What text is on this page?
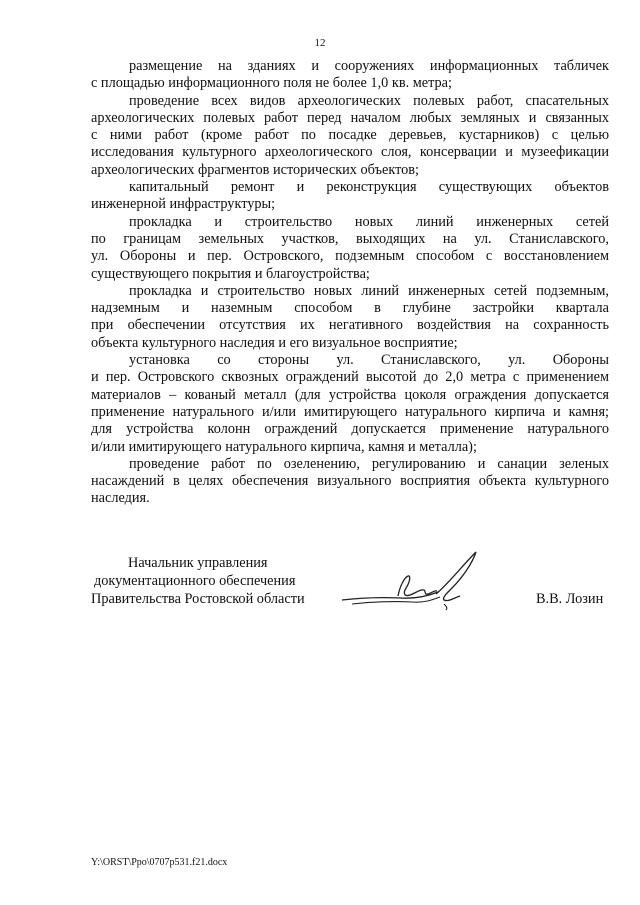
12
размещение на зданиях и сооружениях информационных табличек
с площадью информационного поля не более 1,0 кв. метра;
проведение всех видов археологических полевых работ, спасательных
археологических полевых работ перед началом любых земляных и связанных
с ними работ (кроме работ по посадке деревьев, кустарников) с целью
исследования культурного археологического слоя, консервации и музеефикации
археологических фрагментов исторических объектов;
капитальный ремонт и реконструкция существующих объектов
инженерной инфраструктуры;
прокладка и строительство новых линий инженерных сетей
по границам земельных участков, выходящих на ул. Станиславского,
ул. Обороны и пер. Островского, подземным способом с восстановлением
существующего покрытия и благоустройства;
прокладка и строительство новых линий инженерных сетей подземным,
надземным и наземным способом в глубине застройки квартала
при обеспечении отсутствия их негативного воздействия на сохранность
объекта культурного наследия и его визуальное восприятие;
установка со стороны ул. Станиславского, ул. Обороны
и пер. Островского сквозных ограждений высотой до 2,0 метра с применением
материалов – кованый металл (для устройства цоколя ограждения допускается
применение натурального и/или имитирующего натурального кирпича и камня;
для устройства колонн ограждений допускается применение натурального
и/или имитирующего натурального кирпича, камня и металла);
проведение работ по озеленению, регулированию и санации зеленых
насаждений в целях обеспечения визуального восприятия объекта культурного
наследия.
Начальник управления
документационного обеспечения
Правительства Ростовской области	В.В. Лозин
Y:\ORST\Ppo\0707p531.f21.docx
